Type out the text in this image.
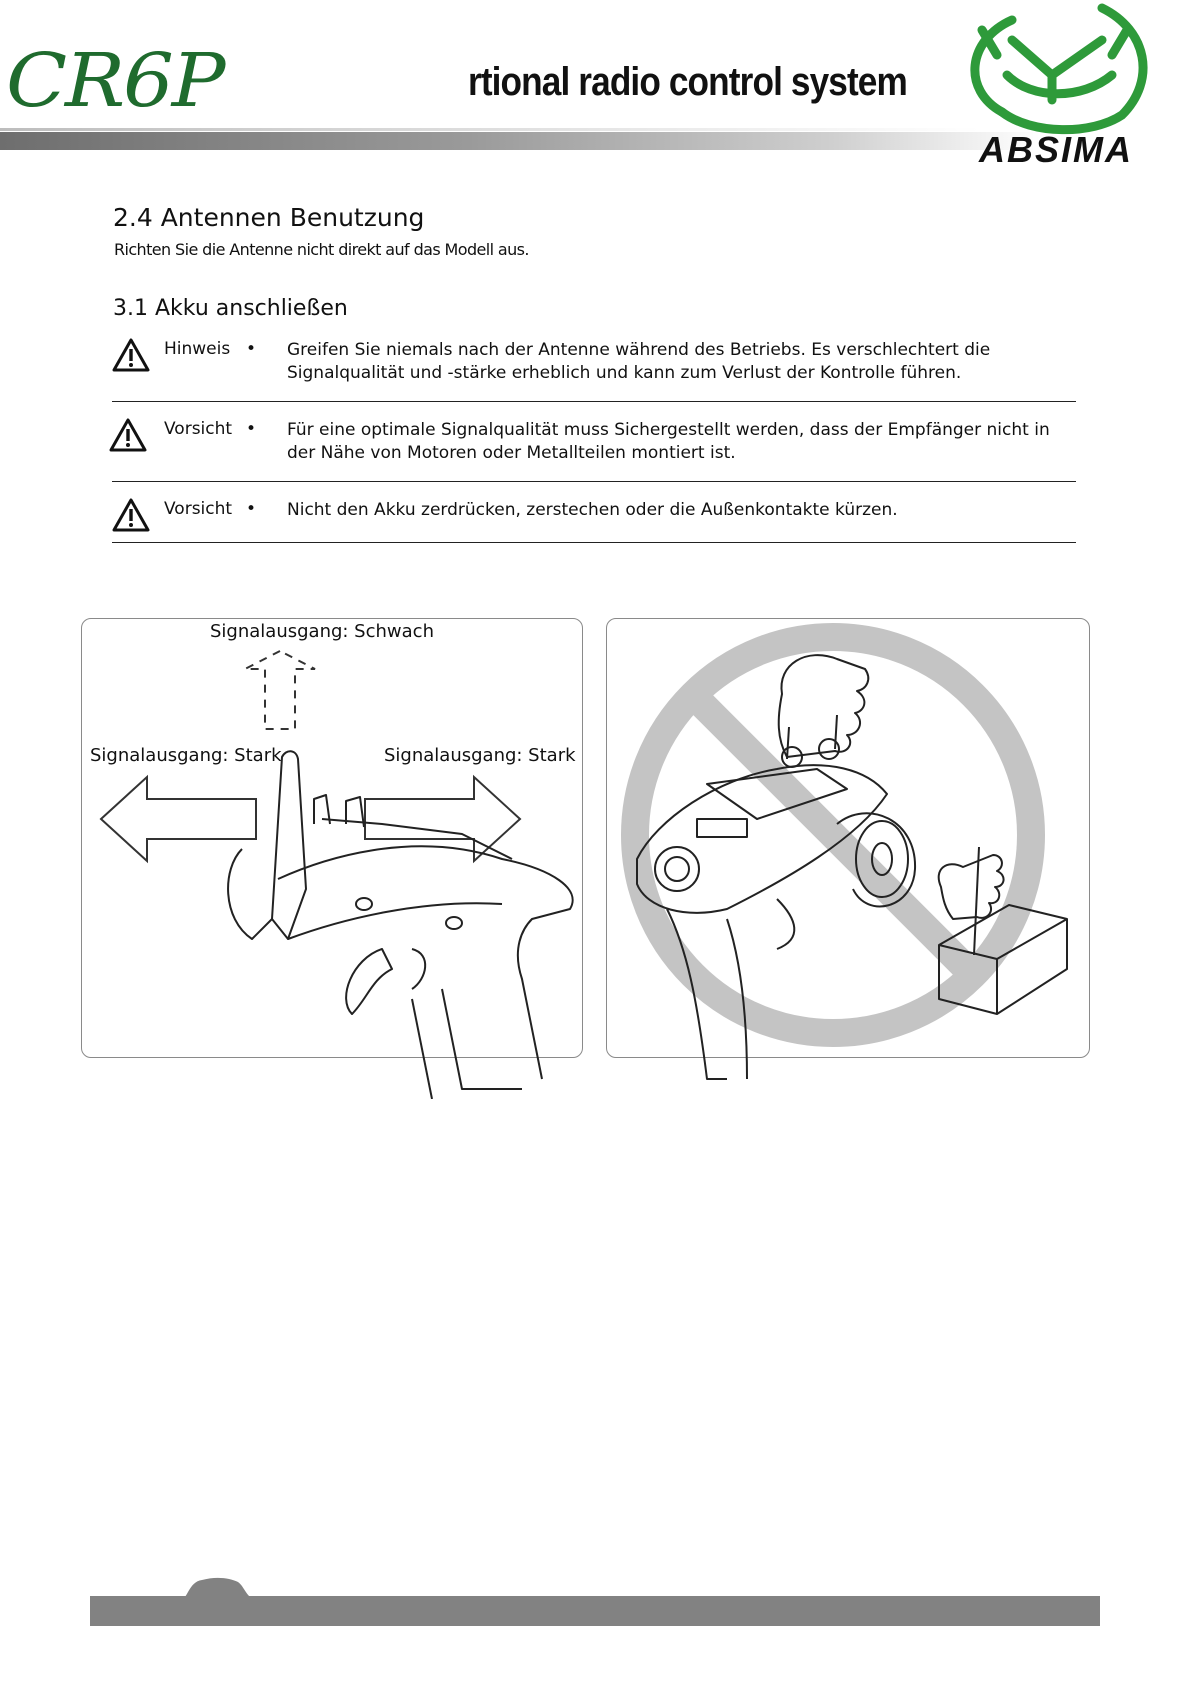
CR6P	rtional radio control system
ABSIMA
2.4 Antennen Benutzung
Richten Sie die Antenne nicht direkt auf das Modell aus.
3.1 Akku anschließen
Hinweis • Greifen Sie niemals nach der Antenne während des Betriebs. Es verschlechtert die Signalqualität und -stärke erheblich und kann zum Verlust der Kontrolle führen.
Vorsicht • Für eine optimale Signalqualität muss Sichergestellt werden, dass der Empfänger nicht in der Nähe von Motoren oder Metallteilen montiert ist.
Vorsicht • Nicht den Akku zerdrücken, zerstechen oder die Außenkontakte kürzen.
Signalausgang: Schwach
Signalausgang: Stark	Signalausgang: Stark
